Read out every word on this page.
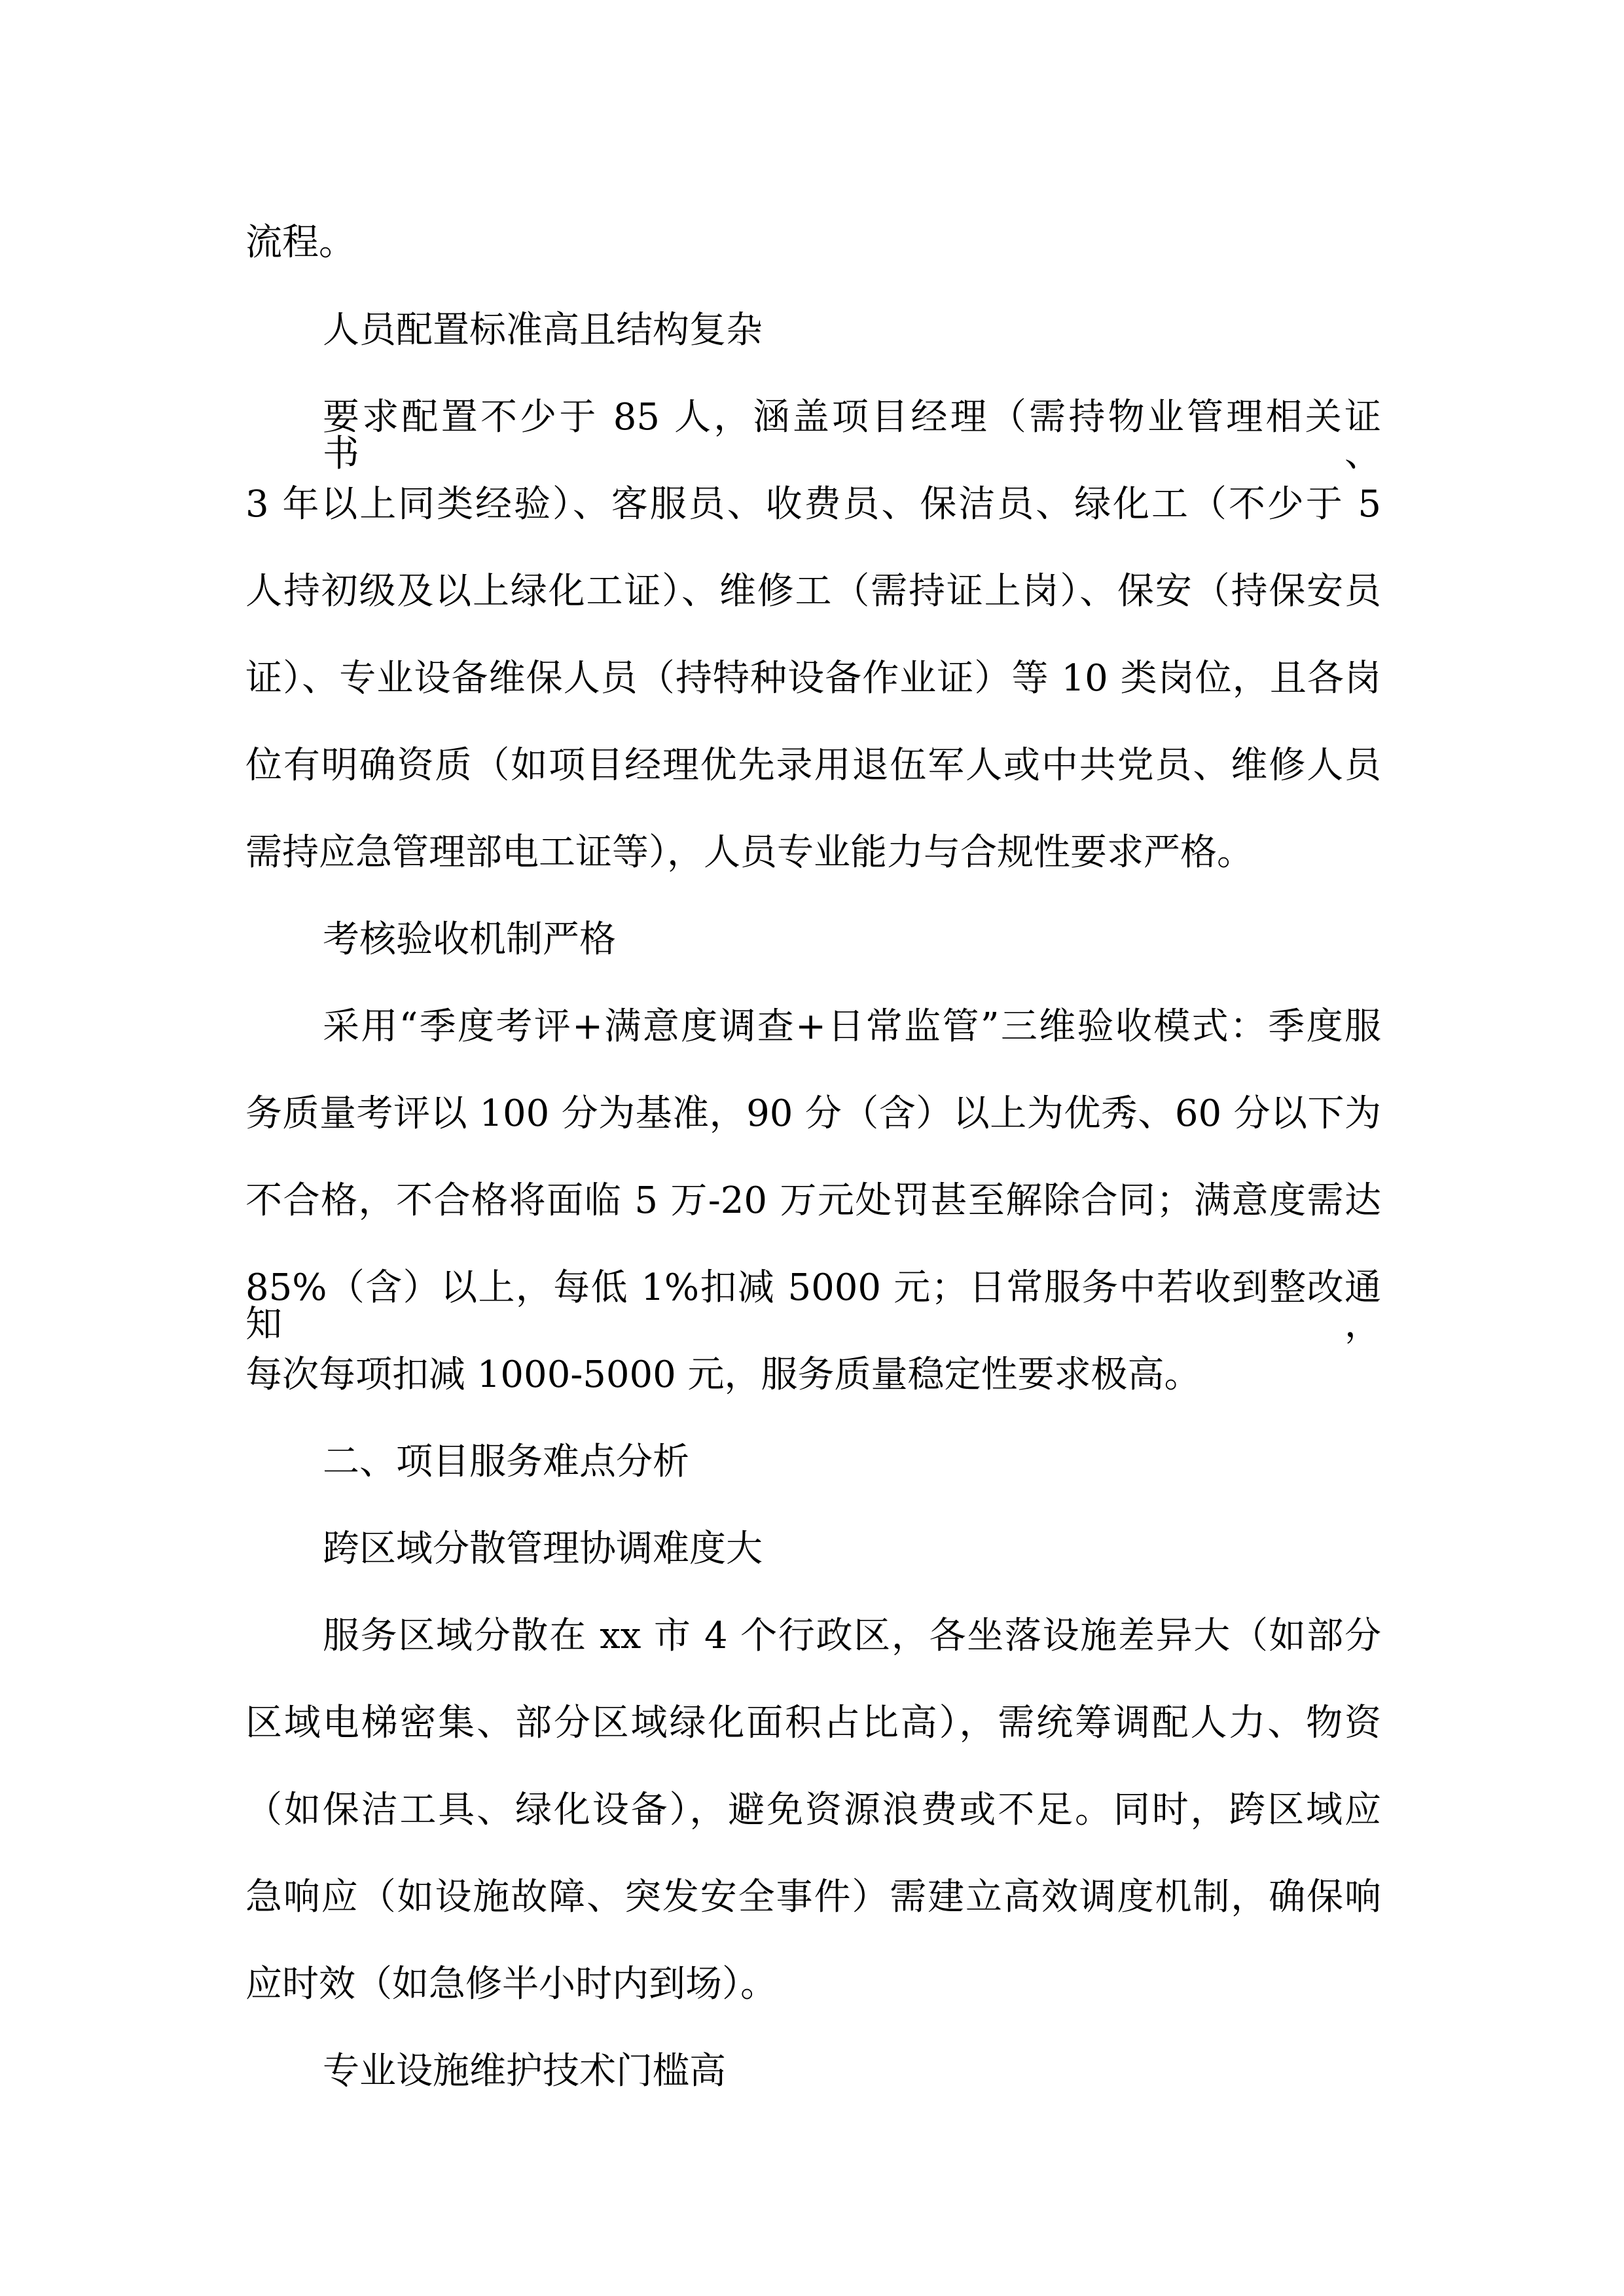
流程。

人员配置标准高且结构复杂

要求配置不少于 85 人，涵盖项目经理（需持物业管理相关证书、

3 年以上同类经验）、客服员、收费员、保洁员、绿化工（不少于 5

人持初级及以上绿化工证）、维修工（需持证上岗）、保安（持保安员

证）、专业设备维保人员（持特种设备作业证）等 10 类岗位，且各岗

位有明确资质（如项目经理优先录用退伍军人或中共党员、维修人员

需持应急管理部电工证等），人员专业能力与合规性要求严格。

考核验收机制严格

采用“季度考评+满意度调查+日常监管”三维验收模式：季度服

务质量考评以 100 分为基准，90 分（含）以上为优秀、60 分以下为

不合格，不合格将面临 5 万-20 万元处罚甚至解除合同；满意度需达

85%（含）以上，每低 1%扣减 5000 元；日常服务中若收到整改通知，

每次每项扣减 1000-5000 元，服务质量稳定性要求极高。

二、项目服务难点分析

跨区域分散管理协调难度大

服务区域分散在 xx 市 4 个行政区，各坐落设施差异大（如部分

区域电梯密集、部分区域绿化面积占比高），需统筹调配人力、物资

（如保洁工具、绿化设备），避免资源浪费或不足。同时，跨区域应

急响应（如设施故障、突发安全事件）需建立高效调度机制，确保响

应时效（如急修半小时内到场）。

专业设施维护技术门槛高
